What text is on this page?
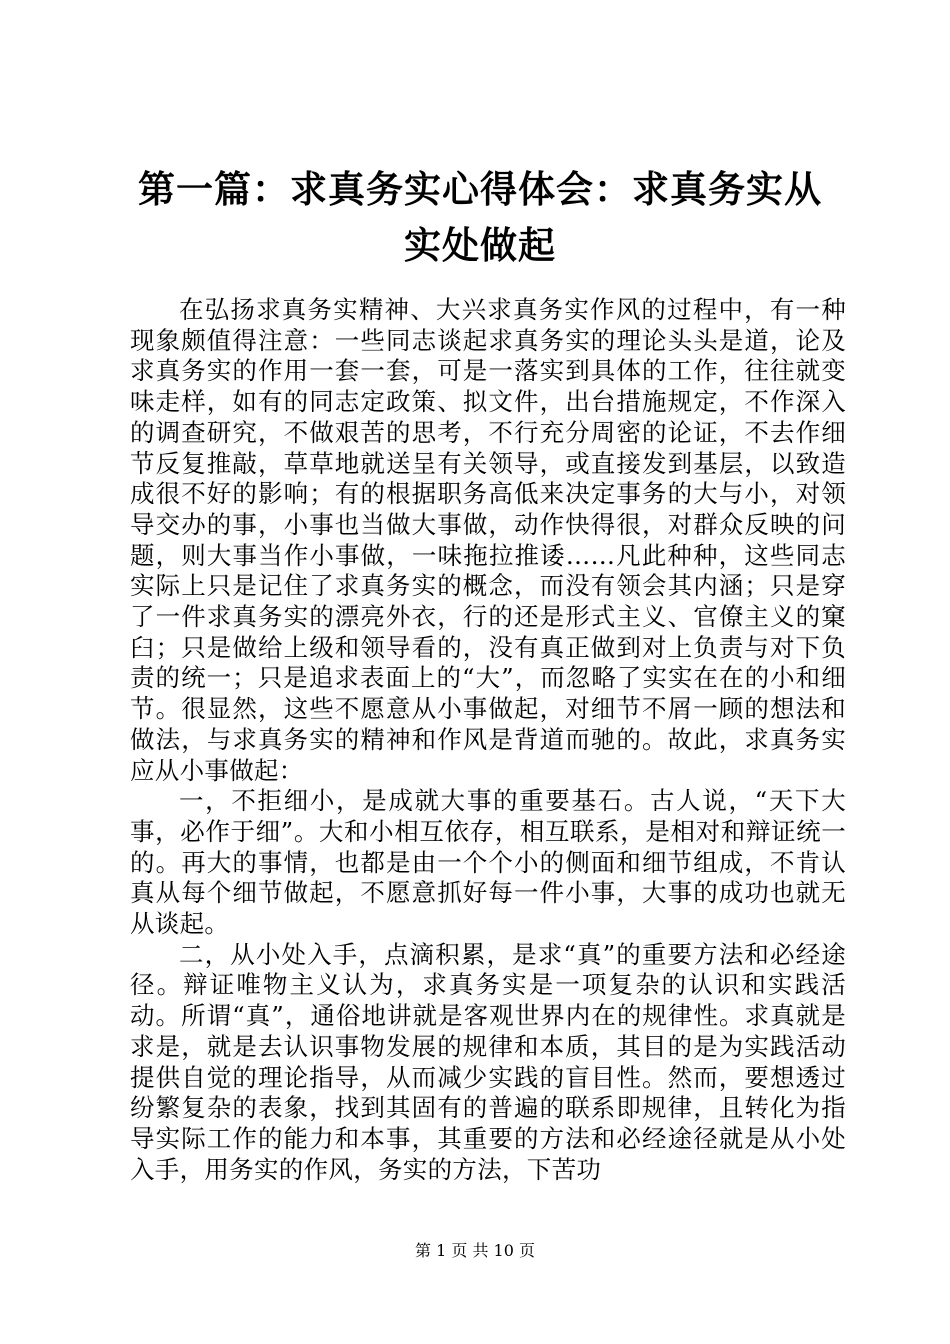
第一篇：求真务实心得体会：求真务实从实处做起

在弘扬求真务实精神、大兴求真务实作风的过程中，有一种现象颇值得注意：一些同志谈起求真务实的理论头头是道，论及求真务实的作用一套一套，可是一落实到具体的工作，往往就变味走样，如有的同志定政策、拟文件，出台措施规定，不作深入的调查研究，不做艰苦的思考，不行充分周密的论证，不去作细节反复推敲，草草地就送呈有关领导，或直接发到基层，以致造成很不好的影响；有的根据职务高低来决定事务的大与小，对领导交办的事，小事也当做大事做，动作快得很，对群众反映的问题，则大事当作小事做，一味拖拉推诿……凡此种种，这些同志实际上只是记住了求真务实的概念，而没有领会其内涵；只是穿了一件求真务实的漂亮外衣，行的还是形式主义、官僚主义的窠臼；只是做给上级和领导看的，没有真正做到对上负责与对下负责的统一；只是追求表面上的“大”，而忽略了实实在在的小和细节。很显然，这些不愿意从小事做起，对细节不屑一顾的想法和做法，与求真务实的精神和作风是背道而驰的。故此，求真务实应从小事做起：

一，不拒细小，是成就大事的重要基石。古人说，“天下大事，必作于细”。大和小相互依存，相互联系，是相对和辩证统一的。再大的事情，也都是由一个个小的侧面和细节组成，不肯认真从每个细节做起，不愿意抓好每一件小事，大事的成功也就无从谈起。

二，从小处入手，点滴积累，是求“真”的重要方法和必经途径。辩证唯物主义认为，求真务实是一项复杂的认识和实践活动。所谓“真”，通俗地讲就是客观世界内在的规律性。求真就是求是，就是去认识事物发展的规律和本质，其目的是为实践活动提供自觉的理论指导，从而减少实践的盲目性。然而，要想透过纷繁复杂的表象，找到其固有的普遍的联系即规律，且转化为指导实际工作的能力和本事，其重要的方法和必经途径就是从小处入手，用务实的作风，务实的方法，下苦功

第 1 页 共 10 页
